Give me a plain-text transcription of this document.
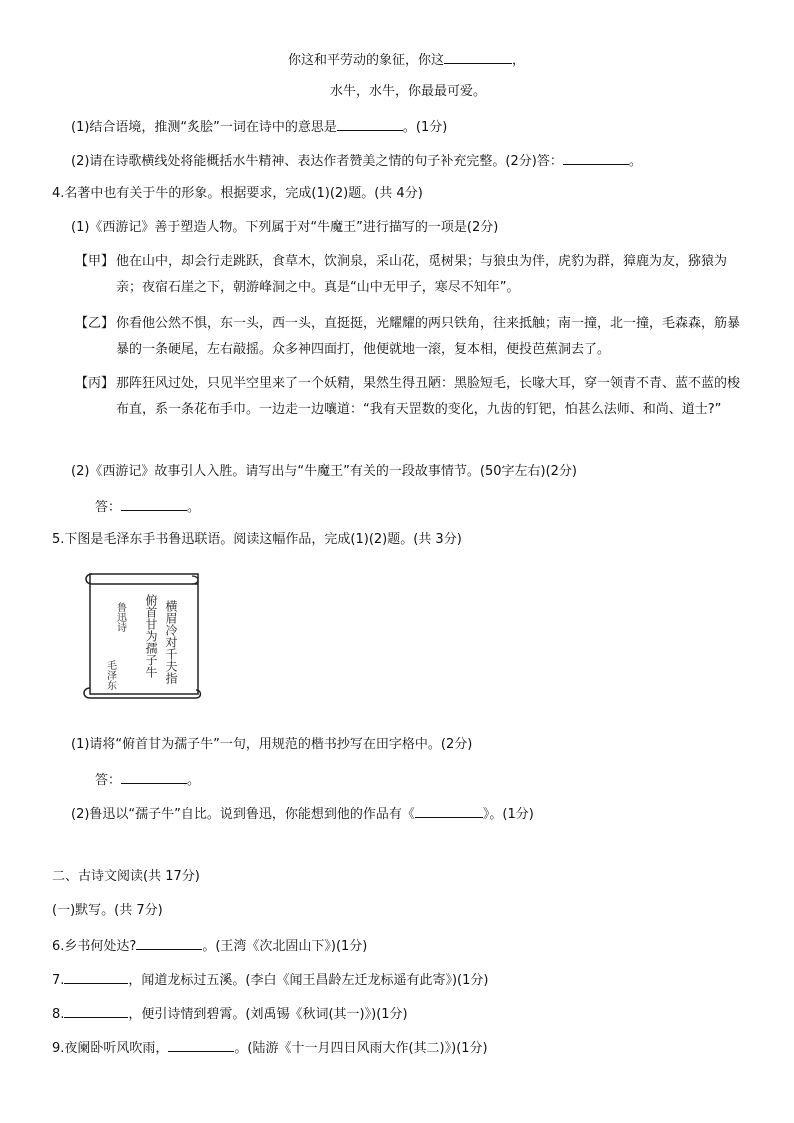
你这和平劳动的象征，你这	，
水牛，水牛，你最最可爱。
(1)结合语境，推测“炙脍”一词在诗中的意思是	。(1分)
(2)请在诗歌横线处将能概括水牛精神、表达作者赞美之情的句子补充完整。(2分)答：	。
4.名著中也有关于牛的形象。根据要求，完成(1)(2)题。(共 4分)
(1)《西游记》善于塑造人物。下列属于对“牛魔王”进行描写的一项是(2分)
【甲】 他在山中，却会行走跳跃，食草木，饮涧泉，采山花，觅树果；与狼虫为伴，虎豹为群，獐鹿为友，猕猿为亲；夜宿石崖之下，朝游峰洞之中。真是“山中无甲子，寒尽不知年”。
【乙】 你看他公然不惧，东一头，西一头，直挺挺，光耀耀的两只铁角，往来抵触；南一撞，北一撞，毛森森，筋暴暴的一条硬尾，左右敲摇。众多神四面打，他便就地一滚，复本相，便投芭蕉洞去了。
【丙】 那阵狂风过处，只见半空里来了一个妖精，果然生得丑陋：黑脸短毛，长喙大耳，穿一领青不青、蓝不蓝的梭布直，系一条花布手巾。一边走一边嚷道：“我有天罡数的变化，九齿的钉钯，怕甚么法师、和尚、道士?”
(2)《西游记》故事引人入胜。请写出与“牛魔王”有关的一段故事情节。(50字左右)(2分)
答：	。
5.下图是毛泽东手书鲁迅联语。阅读这幅作品，完成(1)(2)题。(共 3分)
横眉冷对千夫指
俯首甘为孺子牛
鲁迅诗
毛泽东
(1)请将“俯首甘为孺子牛”一句，用规范的楷书抄写在田字格中。(2分)
答：	。
(2)鲁迅以“孺子牛”自比。说到鲁迅，你能想到他的作品有《	》。(1分)
二、古诗文阅读(共 17分)
(一)默写。(共 7分)
6.乡书何处达?	。(王湾《次北固山下》)(1分)
7.	，闻道龙标过五溪。(李白《闻王昌龄左迁龙标遥有此寄》)(1分)
8.	，便引诗情到碧霄。(刘禹锡《秋词(其一)》)(1分)
9.夜阑卧听风吹雨，	。(陆游《十一月四日风雨大作(其二)》)(1分)
